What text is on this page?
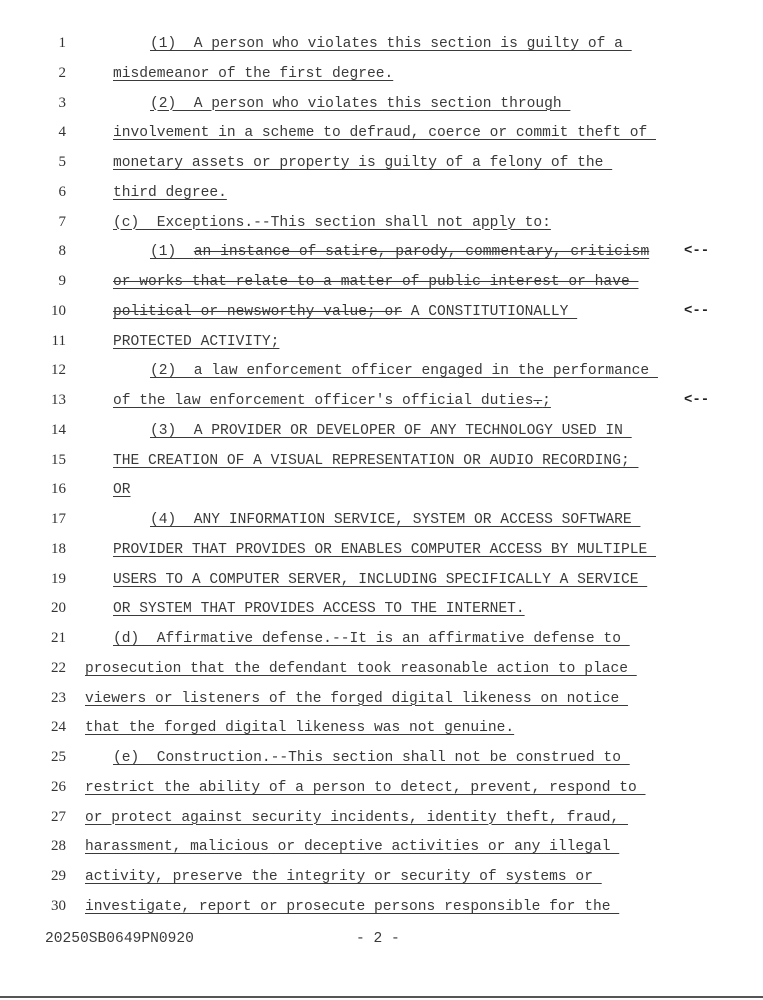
1	(1)  A person who violates this section is guilty of a
2	misdemeanor of the first degree.
3	(2)  A person who violates this section through
4	involvement in a scheme to defraud, coerce or commit theft of
5	monetary assets or property is guilty of a felony of the
6	third degree.
7	(c)  Exceptions.--This section shall not apply to:
8	(1)  an instance of satire, parody, commentary, criticism <--
9	or works that relate to a matter of public interest or have
10	political or newsworthy value; or A CONSTITUTIONALLY	<--
11	PROTECTED ACTIVITY;
12	(2)  a law enforcement officer engaged in the performance
13	of the law enforcement officer's official duties.;	<--
14	(3)  A PROVIDER OR DEVELOPER OF ANY TECHNOLOGY USED IN
15	THE CREATION OF A VISUAL REPRESENTATION OR AUDIO RECORDING;
16	OR
17	(4)  ANY INFORMATION SERVICE, SYSTEM OR ACCESS SOFTWARE
18	PROVIDER THAT PROVIDES OR ENABLES COMPUTER ACCESS BY MULTIPLE
19	USERS TO A COMPUTER SERVER, INCLUDING SPECIFICALLY A SERVICE
20	OR SYSTEM THAT PROVIDES ACCESS TO THE INTERNET.
21	(d)  Affirmative defense.--It is an affirmative defense to
22 prosecution that the defendant took reasonable action to place
23 viewers or listeners of the forged digital likeness on notice
24 that the forged digital likeness was not genuine.
25	(e)  Construction.--This section shall not be construed to
26 restrict the ability of a person to detect, prevent, respond to
27 or protect against security incidents, identity theft, fraud,
28 harassment, malicious or deceptive activities or any illegal
29 activity, preserve the integrity or security of systems or
30 investigate, report or prosecute persons responsible for the
20250SB0649PN0920	- 2 -
